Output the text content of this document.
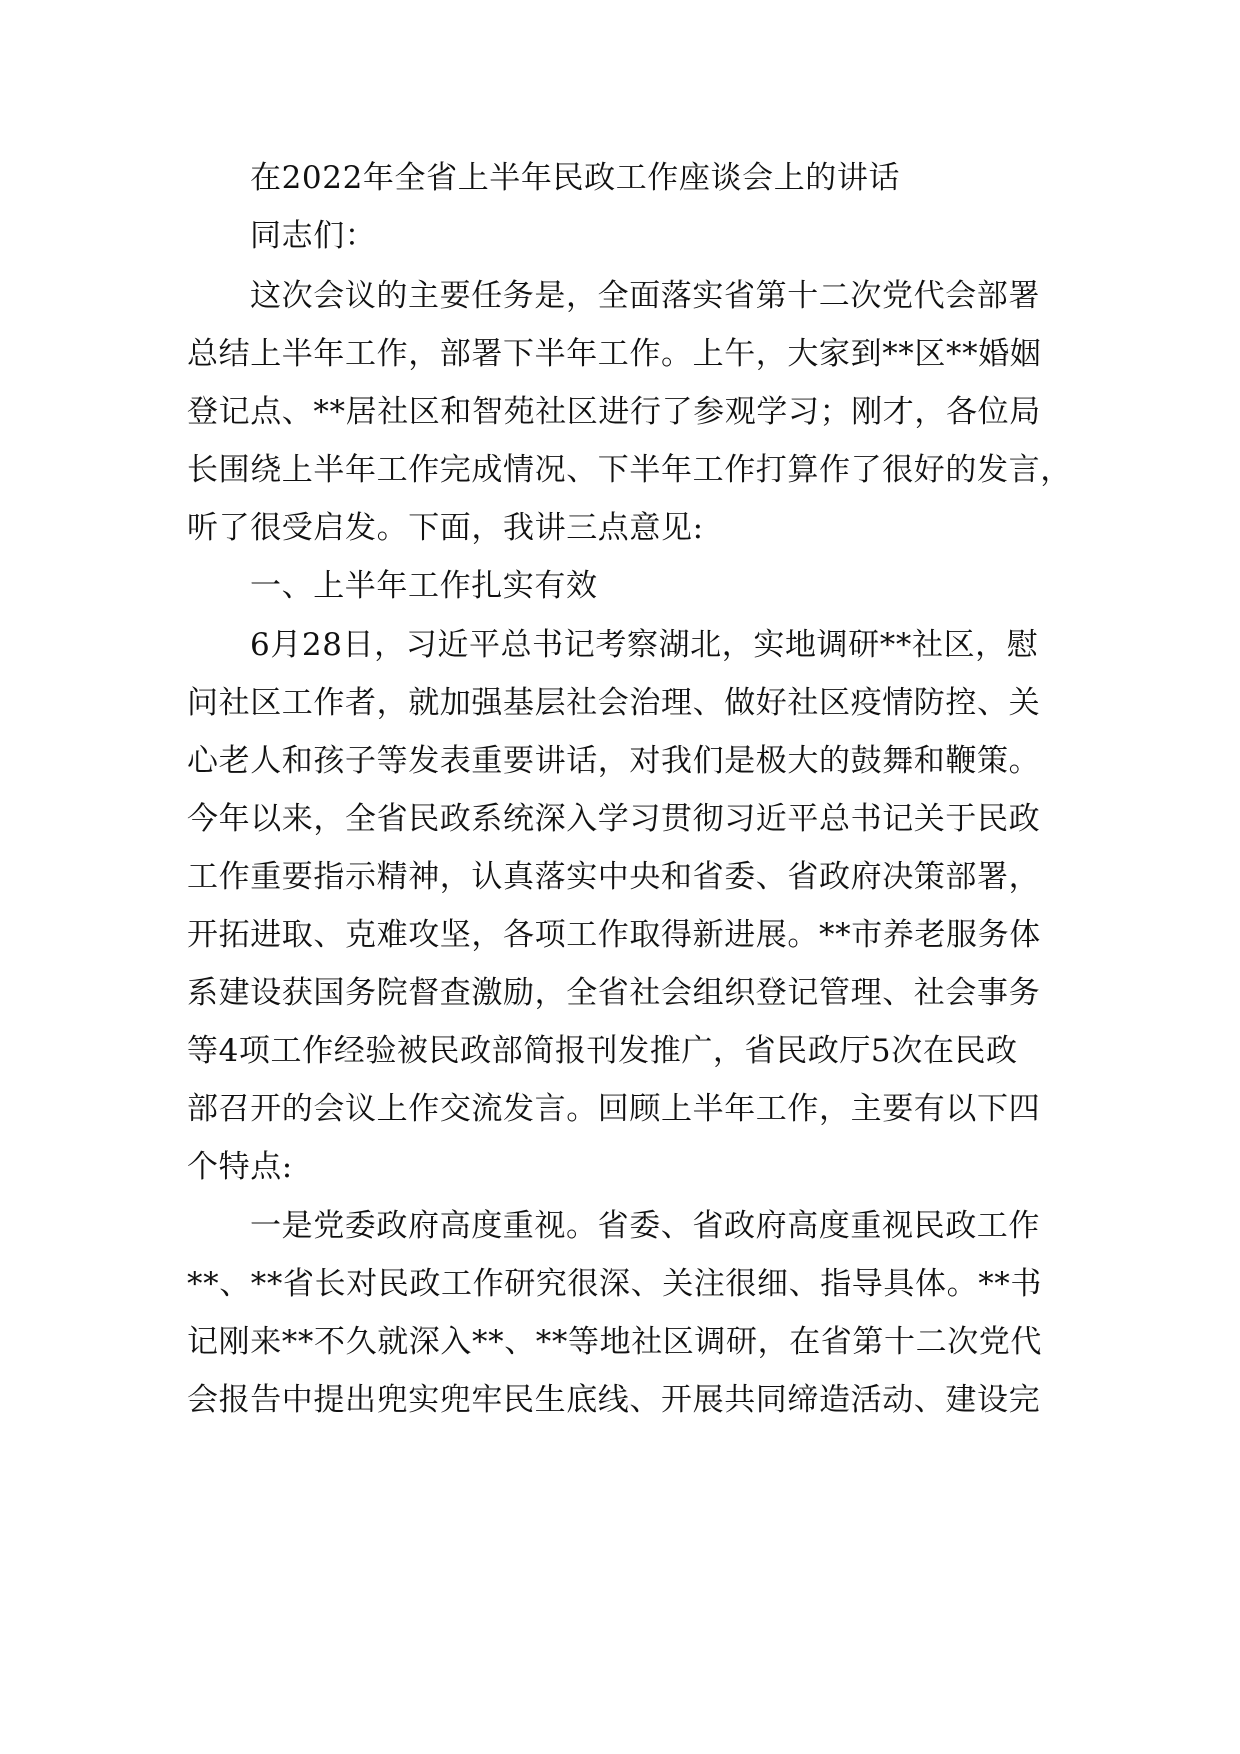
在2022年全省上半年民政工作座谈会上的讲话

同志们：

这次会议的主要任务是，全面落实省第十二次党代会部署

总结上半年工作，部署下半年工作。上午，大家到**区**婚姻

登记点、**居社区和智苑社区进行了参观学习；刚才，各位局

长围绕上半年工作完成情况、下半年工作打算作了很好的发言，

听了很受启发。下面，我讲三点意见:

一、上半年工作扎实有效

6月28日，习近平总书记考察湖北，实地调研**社区，慰

问社区工作者，就加强基层社会治理、做好社区疫情防控、关

心老人和孩子等发表重要讲话，对我们是极大的鼓舞和鞭策。

今年以来，全省民政系统深入学习贯彻习近平总书记关于民政

工作重要指示精神，认真落实中央和省委、省政府决策部署，

开拓进取、克难攻坚，各项工作取得新进展。**市养老服务体

系建设获国务院督查激励，全省社会组织登记管理、社会事务

等4项工作经验被民政部简报刊发推广，省民政厅5次在民政

部召开的会议上作交流发言。回顾上半年工作，主要有以下四

个特点:

一是党委政府高度重视。省委、省政府高度重视民政工作

**、**省长对民政工作研究很深、关注很细、指导具体。**书

记刚来**不久就深入**、**等地社区调研，在省第十二次党代

会报告中提出兜实兜牢民生底线、开展共同缔造活动、建设完
